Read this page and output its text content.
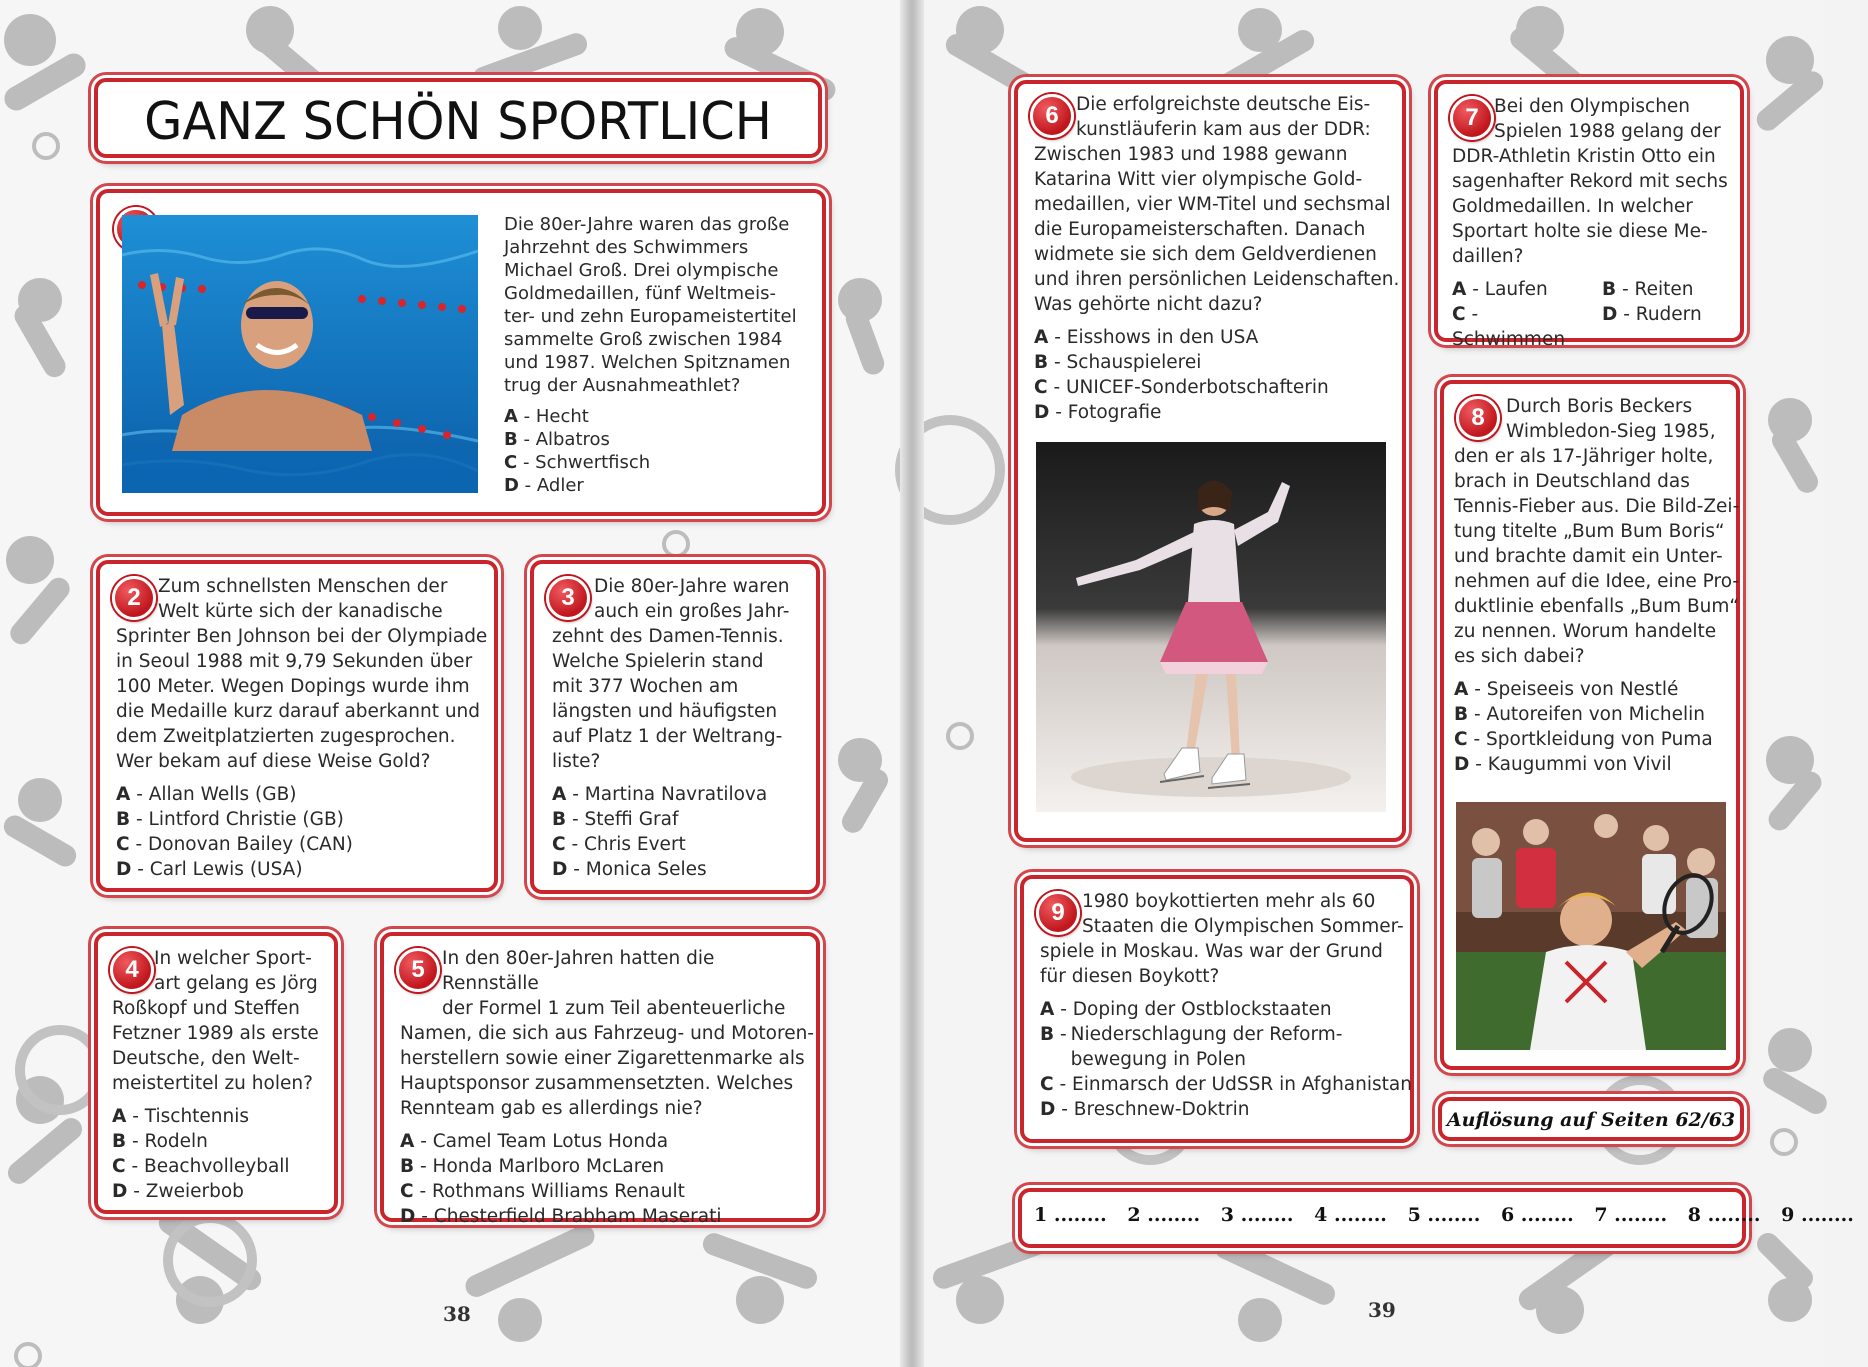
GANZ SCHÖN SPORTLICH
Die 80er-Jahre waren das große
Jahrzehnt des Schwimmers
Michael Groß. Drei olympische
Goldmedaillen, fünf Weltmeis-
ter- und zehn Europameistertitel
sammelte Groß zwischen 1984
und 1987. Welchen Spitznamen
trug der Ausnahmeathlet?
A - Hecht
B - Albatros
C - Schwertfisch
D - Adler
2 Zum schnellsten Menschen der
Welt kürte sich der kanadische
Sprinter Ben Johnson bei der Olympiade
in Seoul 1988 mit 9,79 Sekunden über
100 Meter. Wegen Dopings wurde ihm
die Medaille kurz darauf aberkannt und
dem Zweitplatzierten zugesprochen.
Wer bekam auf diese Weise Gold?
A - Allan Wells (GB)
B - Lintford Christie (GB)
C - Donovan Bailey (CAN)
D - Carl Lewis (USA)
3	Die 80er-Jahre waren
auch ein großes Jahr-
zehnt des Damen-Tennis.
Welche Spielerin stand
mit 377 Wochen am
längsten und häufigsten
auf Platz 1 der Weltrang-
liste?
A - Martina Navratilova
B - Steffi Graf
C - Chris Evert
D - Monica Seles
4 In welcher Sport-
art gelang es Jörg
Roßkopf und Steffen
Fetzner 1989 als erste
Deutsche, den Welt-
meistertitel zu holen?
A - Tischtennis
B - Rodeln
C - Beachvolleyball
D - Zweierbob
5 In den 80er-Jahren hatten die Rennställe
der Formel 1 zum Teil abenteuerliche
Namen, die sich aus Fahrzeug- und Motoren-
herstellern sowie einer Zigarettenmarke als
Hauptsponsor zusammensetzten. Welches
Rennteam gab es allerdings nie?
A - Camel Team Lotus Honda
B - Honda Marlboro McLaren
C - Rothmans Williams Renault
D - Chesterfield Brabham Maserati
38
6 Die erfolgreichste deutsche Eis-
kunstläuferin kam aus der DDR:
Zwischen 1983 und 1988 gewann
Katarina Witt vier olympische Gold-
medaillen, vier WM-Titel und sechsmal
die Europameisterschaften. Danach
widmete sie sich dem Geldverdienen
und ihren persönlichen Leidenschaften.
Was gehörte nicht dazu?
A - Eisshows in den USA
B - Schauspielerei
C - UNICEF-Sonderbotschafterin
D - Fotografie
7 Bei den Olympischen
Spielen 1988 gelang der
DDR-Athletin Kristin Otto ein
sagenhafter Rekord mit sechs
Goldmedaillen. In welcher
Sportart holte sie diese Me-
daillen?
A - Laufen	B - Reiten
C - Schwimmen
D - Rudern
8	Durch Boris Beckers
Wimbledon-Sieg 1985,
den er als 17-Jähriger holte,
brach in Deutschland das
Tennis-Fieber aus. Die Bild-Zei-
tung titelte „Bum Bum Boris“
und brachte damit ein Unter-
nehmen auf die Idee, eine Pro-
duktlinie ebenfalls „Bum Bum“
zu nennen. Worum handelte
es sich dabei?
A - Speiseeis von Nestlé
B - Autoreifen von Michelin
C - Sportkleidung von Puma
D - Kaugummi von Vivil
9 1980 boykottierten mehr als 60
Staaten die Olympischen Sommer-
spiele in Moskau. Was war der Grund
für diesen Boykott?
A - Doping der Ostblockstaaten
B - Niederschlagung der Reform-bewegung in Polen
C - Einmarsch der UdSSR in Afghanistan
D - Breschnew-Doktrin	Auflösung auf Seiten 62/63
1 ........ 2 ........ 3 ........ 4 ........ 5 ........ 6 ........ 7 ........ 8 ........ 9 ........
39
